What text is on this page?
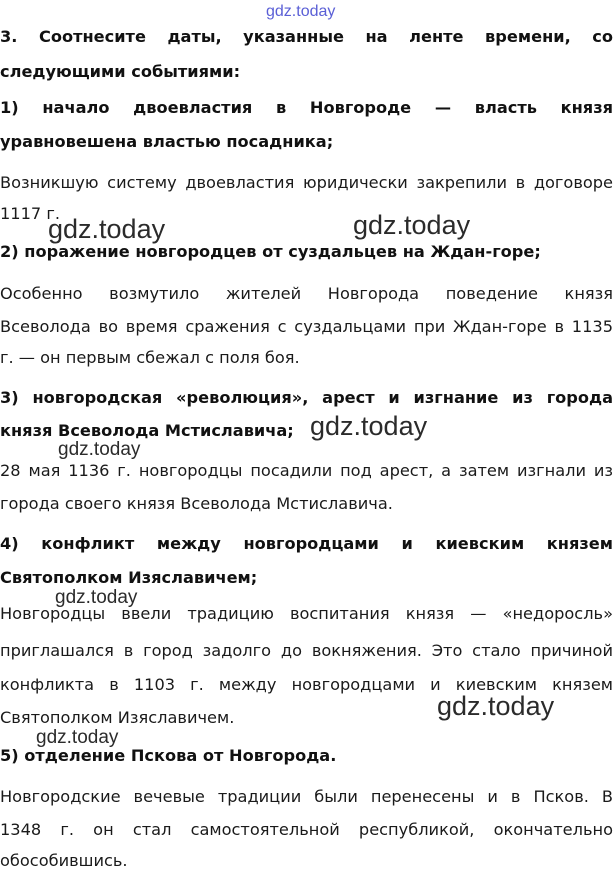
gdz.today
3. Соотнесите даты, указанные на ленте времени, со
следующими событиями:
1) начало двоевластия в Новгороде — власть князя
уравновешена властью посадника;
Возникшую систему двоевластия юридически закрепили в договоре
1117 г.
2) поражение новгородцев от суздальцев на Ждан-горе;
Особенно возмутило жителей Новгорода поведение князя
Всеволода во время сражения с суздальцами при Ждан-горе в 1135
г. — он первым сбежал с поля боя.
3) новгородская «революция», арест и изгнание из города
князя Всеволода Мстиславича;
28 мая 1136 г. новгородцы посадили под арест, а затем изгнали из
города своего князя Всеволода Мстиславича.
4) конфликт между новгородцами и киевским князем
Святополком Изяславичем;
Новгородцы ввели традицию воспитания князя — «недоросль»
приглашался в город задолго до вокняжения. Это стало причиной
конфликта в 1103 г. между новгородцами и киевским князем
Святополком Изяславичем.
5) отделение Пскова от Новгорода.
Новгородские вечевые традиции были перенесены и в Псков. В
1348 г. он стал самостоятельной республикой, окончательно
обособившись.
gdz.today	gdz.today
gdz.today
gdz.today
gdz.today
gdz.today
gdz.today
